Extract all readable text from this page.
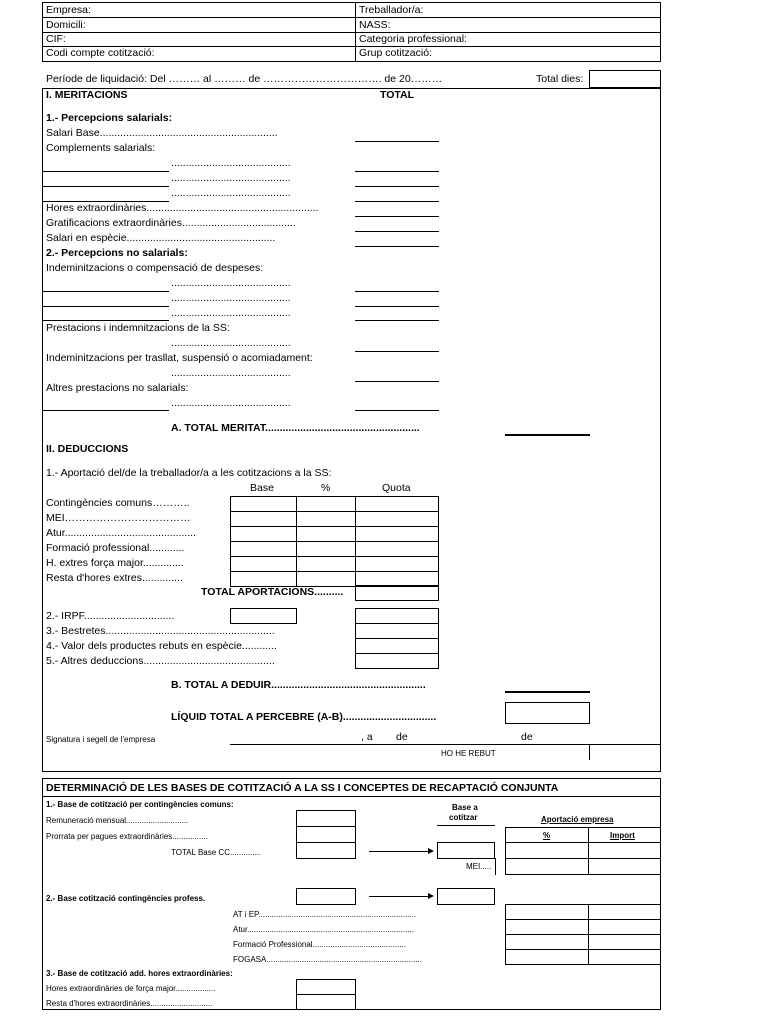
Empresa:	Treballador/a:
Domicili:	NASS:
CIF:	Categoria professional:
Codi compte cotització:	Grup cotització:
Període de liquidació: Del ……… al ……… de ……………………………. de 20………	Total dies:
I. MERITACIONS	TOTAL
1.- Percepcions salarials:
Salari Base.............................................................
Complements salarials:
.........................................
.........................................
.........................................
Hores extraordinàries...........................................................
Gratificacions extraordinàries.......................................
Salari en espècie...................................................
2.- Percepcions no salarials:
Indeminitzacions o compensació de despeses:
.........................................
.........................................
.........................................
Prestacions i indemnitzacions de la SS:
.........................................
Indeminitzacions per trasllat, suspensió o acomiadament:
.........................................
Altres prestacions no salarials:
.........................................
A. TOTAL MERITAT.....................................................
II. DEDUCCIONS
1.- Aportació del/de la treballador/a a les cotitzacions a la SS:
Base	%	Quota
Contingències comuns………..
MEI………………………………
Atur.............................................
Formació professional............
H. extres força major..............
Resta d'hores extres..............
TOTAL APORTACIONS..........
2.- IRPF...............................
3.- Bestretes..........................................................
4.- Valor dels productes rebuts en espècie............
5.- Altres deduccions.............................................
B. TOTAL A DEDUIR.....................................................
LÍQUID TOTAL A PERCEBRE (A-B)................................
Signatura i segell de l'empresa	, a de	de
HO HE REBUT
DETERMINACIÓ DE LES BASES DE COTITZACIÓ A LA SS I CONCEPTES DE RECAPTACIÓ CONJUNTA
1.- Base de cotització per contingències comuns:	Base a
cotitzar	Aportació empresa
%	Import
Remuneració mensual............................
Prorrata per pagues extraordinàries................
TOTAL Base CC..............
MEI.....
2.- Base cotització contingències profess.
AT i EP.......................................................................
Atur...........................................................................
Formació Professional..........................................
FOGASA......................................................................
3.- Base de cotització add. hores extraordinàries:
Hores extraordinàries de força major..................
Resta d'hores extraordinàries............................
